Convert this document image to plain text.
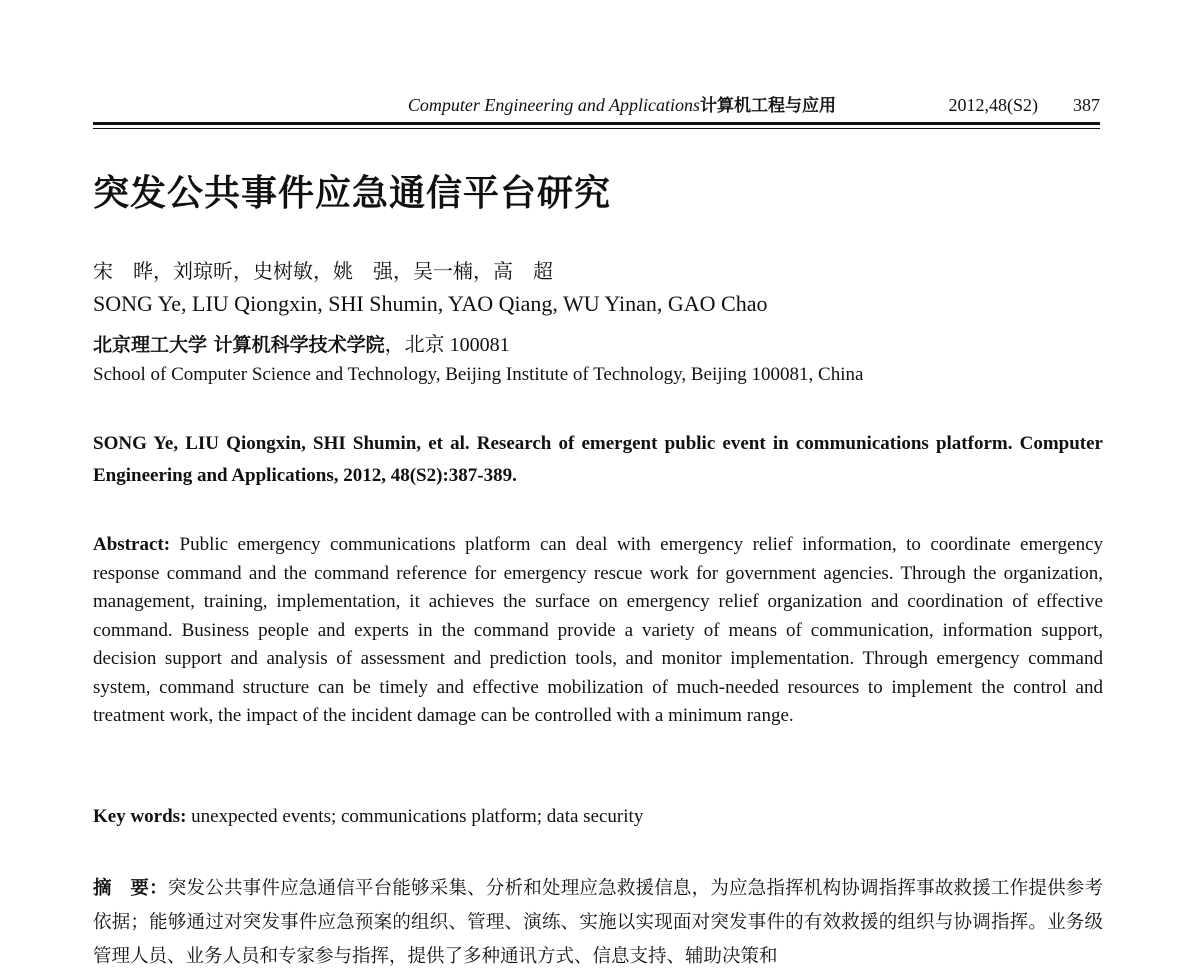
Computer Engineering and Applications计算机工程与应用	2012,48(S2) 387
突发公共事件应急通信平台研究
宋　晔，刘琼昕，史树敏，姚　强，吴一楠，高　超
SONG Ye, LIU Qiongxin, SHI Shumin, YAO Qiang, WU Yinan, GAO Chao
北京理工大学 计算机科学技术学院，北京 100081
School of Computer Science and Technology, Beijing Institute of Technology, Beijing 100081, China
SONG Ye, LIU Qiongxin, SHI Shumin, et al. Research of emergent public event in communications platform. Computer Engineering and Applications, 2012, 48(S2):387-389.

Abstract: Public emergency communications platform can deal with emergency relief information, to coordinate emergency response command and the command reference for emergency rescue work for government agencies. Through the organization, management, training, implementation, it achieves the surface on emergency relief organization and coordination of effective command. Business people and experts in the command provide a variety of means of communication, information support, decision support and analysis of assessment and prediction tools, and monitor implementation. Through emergency command system, command structure can be timely and effective mobilization of much-needed resources to implement the control and treatment work, the impact of the incident damage can be controlled with a minimum range.

Key words: unexpected events; communications platform; data security

摘　要：突发公共事件应急通信平台能够采集、分析和处理应急救援信息，为应急指挥机构协调指挥事故救援工作提供参考依据；能够通过对突发事件应急预案的组织、管理、演练、实施以实现面对突发事件的有效救援的组织与协调指挥。业务级管理人员、业务人员和专家参与指挥，提供了多种通讯方式、信息支持、辅助决策和
